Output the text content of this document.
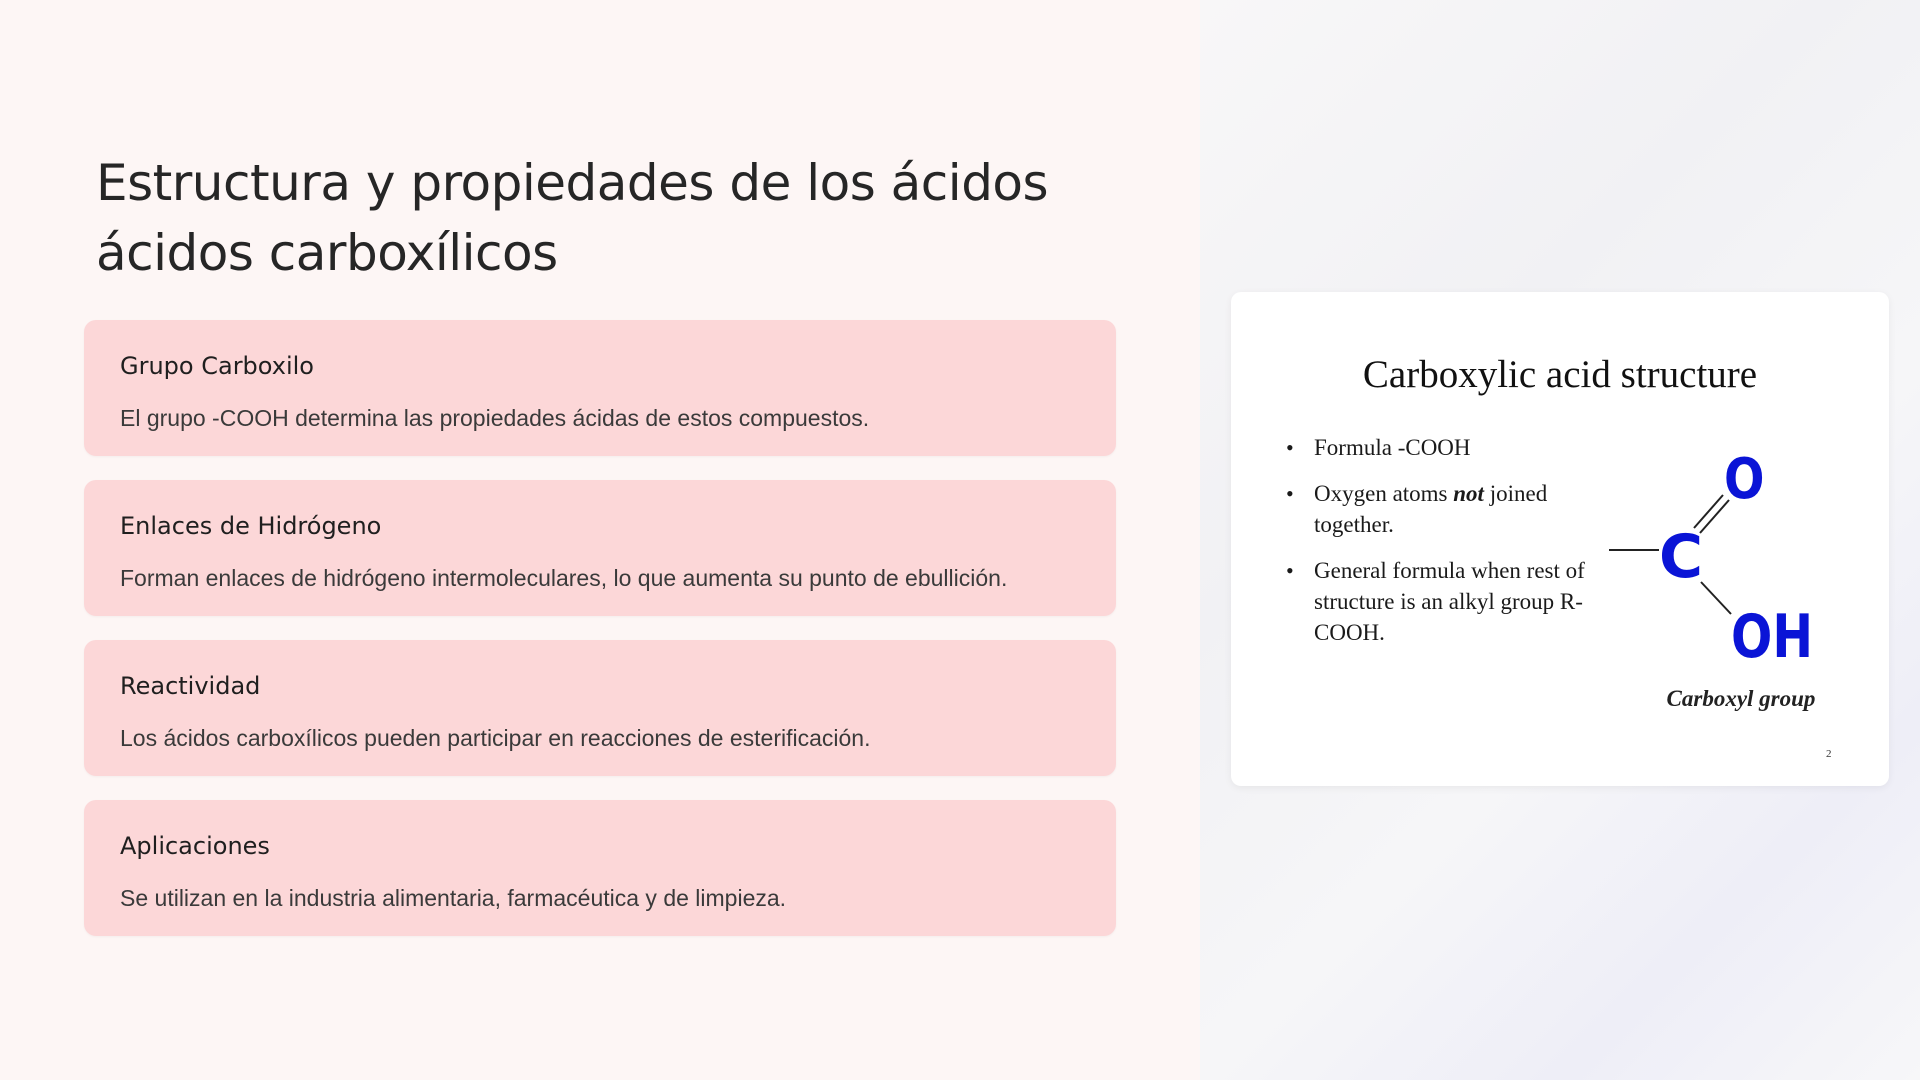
Estructura y propiedades de los ácidos ácidos carboxílicos
Grupo Carboxilo
El grupo -COOH determina las propiedades ácidas de estos compuestos.
Enlaces de Hidrógeno
Forman enlaces de hidrógeno intermoleculares, lo que aumenta su punto de ebullición.
Reactividad
Los ácidos carboxílicos pueden participar en reacciones de esterificación.
Aplicaciones
Se utilizan en la industria alimentaria, farmacéutica y de limpieza.
Carboxylic acid structure
• Formula -COOH
• Oxygen atoms not joined together.
• General formula when rest of structure is an alkyl group R-COOH.
O
C
OH
Carboxyl group
2
